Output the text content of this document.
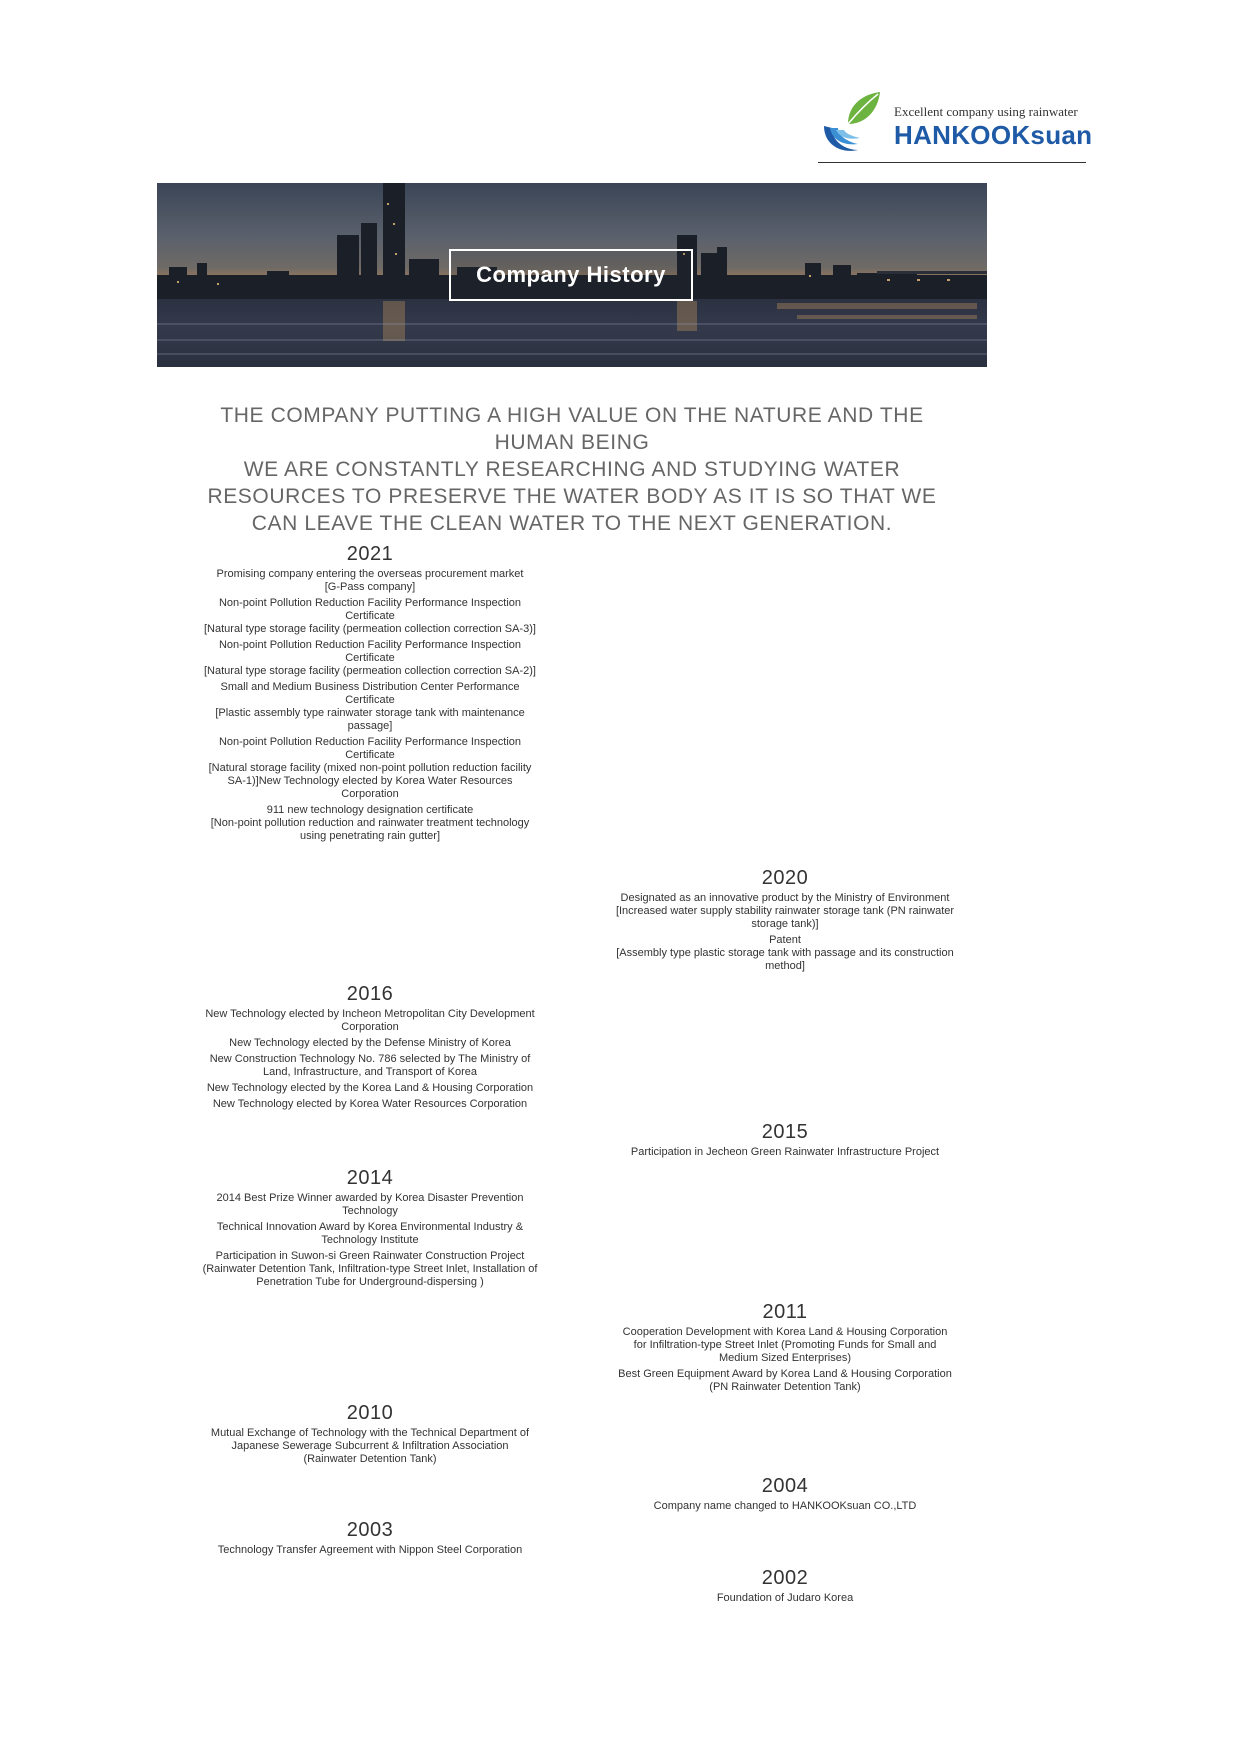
Excellent company using rainwater
HANKOOKsuan
Company History
THE COMPANY PUTTING A HIGH VALUE ON THE NATURE AND THE
HUMAN BEING
WE ARE CONSTANTLY RESEARCHING AND STUDYING WATER
RESOURCES TO PRESERVE THE WATER BODY AS IT IS SO THAT WE
CAN LEAVE THE CLEAN WATER TO THE NEXT GENERATION.
2021
Promising company entering the overseas procurement market
[G-Pass company]
Non-point Pollution Reduction Facility Performance Inspection
Certificate
[Natural type storage facility (permeation collection correction SA-3)]
Non-point Pollution Reduction Facility Performance Inspection
Certificate
[Natural type storage facility (permeation collection correction SA-2)]
Small and Medium Business Distribution Center Performance
Certificate
[Plastic assembly type rainwater storage tank with maintenance
passage]
Non-point Pollution Reduction Facility Performance Inspection
Certificate
[Natural storage facility (mixed non-point pollution reduction facility
SA-1)]New Technology elected by Korea Water Resources
Corporation
911 new technology designation certificate
[Non-point pollution reduction and rainwater treatment technology
using penetrating rain gutter]
2020
Designated as an innovative product by the Ministry of Environment
[Increased water supply stability rainwater storage tank (PN rainwater
storage tank)]
Patent
[Assembly type plastic storage tank with passage and its construction
method]
2016
New Technology elected by Incheon Metropolitan City Development
Corporation
New Technology elected by the Defense Ministry of Korea
New Construction Technology No. 786 selected by The Ministry of
Land, Infrastructure, and Transport of Korea
New Technology elected by the Korea Land & Housing Corporation
New Technology elected by Korea Water Resources Corporation
2015
Participation in Jecheon Green Rainwater Infrastructure Project
2014
2014 Best Prize Winner awarded by Korea Disaster Prevention
Technology
Technical Innovation Award by Korea Environmental Industry &
Technology Institute
Participation in Suwon-si Green Rainwater Construction Project
(Rainwater Detention Tank, Infiltration-type Street Inlet, Installation of
Penetration Tube for Underground-dispersing )
2011
Cooperation Development with Korea Land & Housing Corporation
for Infiltration-type Street Inlet (Promoting Funds for Small and
Medium Sized Enterprises)
Best Green Equipment Award by Korea Land & Housing Corporation
(PN Rainwater Detention Tank)
2010
Mutual Exchange of Technology with the Technical Department of
Japanese Sewerage Subcurrent & Infiltration Association
(Rainwater Detention Tank)
2004
Company name changed to HANKOOKsuan CO.,LTD
2003
Technology Transfer Agreement with Nippon Steel Corporation
2002
Foundation of Judaro Korea
